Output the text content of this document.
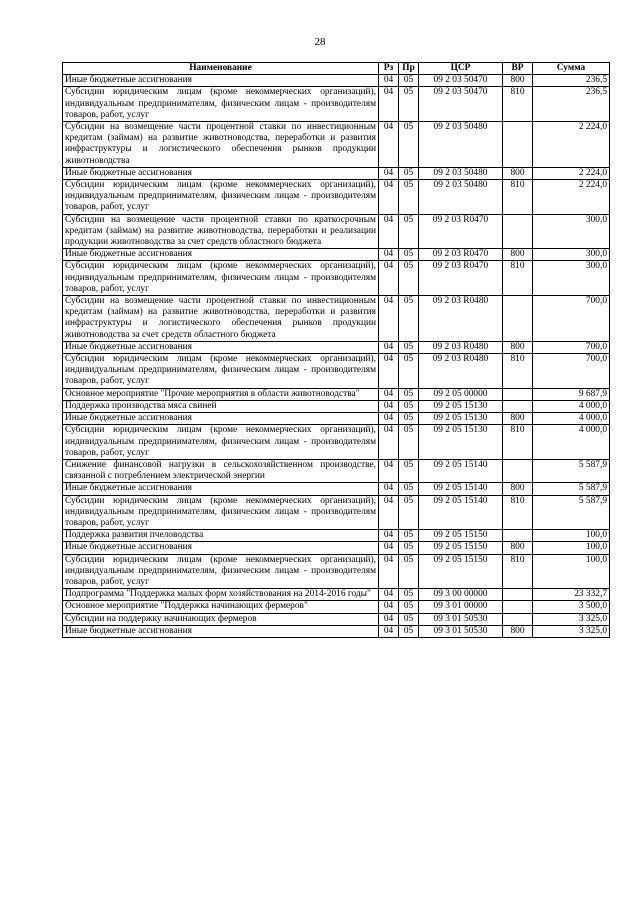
28
Наименование	Рз	Пр	ЦСР	ВР	Сумма
Иные бюджетные ассигнования	04	05	09 2 03 50470	800	236,5
Субсидии юридическим лицам (кроме некоммерческих организаций), индивидуальным предпринимателям, физическим лицам - производителям товаров, работ, услуг	04	05	09 2 03 50470	810	236,5
Субсидии на возмещение части процентной ставки по инвестиционным кредитам (займам) на развитие животноводства, переработки и развития инфраструктуры и логистического обеспечения рынков продукции животноводства	04	05	09 2 03 50480		2 224,0
Иные бюджетные ассигнования	04	05	09 2 03 50480	800	2 224,0
Субсидии юридическим лицам (кроме некоммерческих организаций), индивидуальным предпринимателям, физическим лицам - производителям товаров, работ, услуг	04	05	09 2 03 50480	810	2 224,0
Субсидии на возмещение части процентной ставки по краткосрочным кредитам (займам) на развитие животноводства, переработки и реализации продукции животноводства за счет средств областного бюджета	04	05	09 2 03 R0470		300,0
Иные бюджетные ассигнования	04	05	09 2 03 R0470	800	300,0
Субсидии юридическим лицам (кроме некоммерческих организаций), индивидуальным предпринимателям, физическим лицам - производителям товаров, работ, услуг	04	05	09 2 03 R0470	810	300,0
Субсидии на возмещение части процентной ставки по инвестиционным кредитам (займам) на развитие животноводства, переработки и развития инфраструктуры и логистического обеспечения рынков продукции животноводства за счет средств областного бюджета	04	05	09 2 03 R0480		700,0
Иные бюджетные ассигнования	04	05	09 2 03 R0480	800	700,0
Субсидии юридическим лицам (кроме некоммерческих организаций), индивидуальным предпринимателям, физическим лицам - производителям товаров, работ, услуг	04	05	09 2 03 R0480	810	700,0
Основное мероприятие "Прочие мероприятия в области животноводства"	04	05	09 2 05 00000		9 687,9
Поддержка производства мяса свиней	04	05	09 2 05 15130		4 000,0
Иные бюджетные ассигнования	04	05	09 2 05 15130	800	4 000,0
Субсидии юридическим лицам (кроме некоммерческих организаций), индивидуальным предпринимателям, физическим лицам - производителям товаров, работ, услуг	04	05	09 2 05 15130	810	4 000,0
Снижение финансовой нагрузки в сельскохозяйственном производстве, связанной с потреблением электрической энергии	04	05	09 2 05 15140		5 587,9
Иные бюджетные ассигнования	04	05	09 2 05 15140	800	5 587,9
Субсидии юридическим лицам (кроме некоммерческих организаций), индивидуальным предпринимателям, физическим лицам - производителям товаров, работ, услуг	04	05	09 2 05 15140	810	5 587,9
Поддержка развития пчеловодства	04	05	09 2 05 15150		100,0
Иные бюджетные ассигнования	04	05	09 2 05 15150	800	100,0
Субсидии юридическим лицам (кроме некоммерческих организаций), индивидуальным предпринимателям, физическим лицам - производителям товаров, работ, услуг	04	05	09 2 05 15150	810	100,0
Подпрограмма "Поддержка малых форм хозяйствования на 2014-2016 годы"	04	05	09 3 00 00000		23 332,7
Основное мероприятие "Поддержка начинающих фермеров"	04	05	09 3 01 00000		3 500,0
Субсидии на поддержку начинающих фермеров	04	05	09 3 01 50530		3 325,0
Иные бюджетные ассигнования	04	05	09 3 01 50530	800	3 325,0
